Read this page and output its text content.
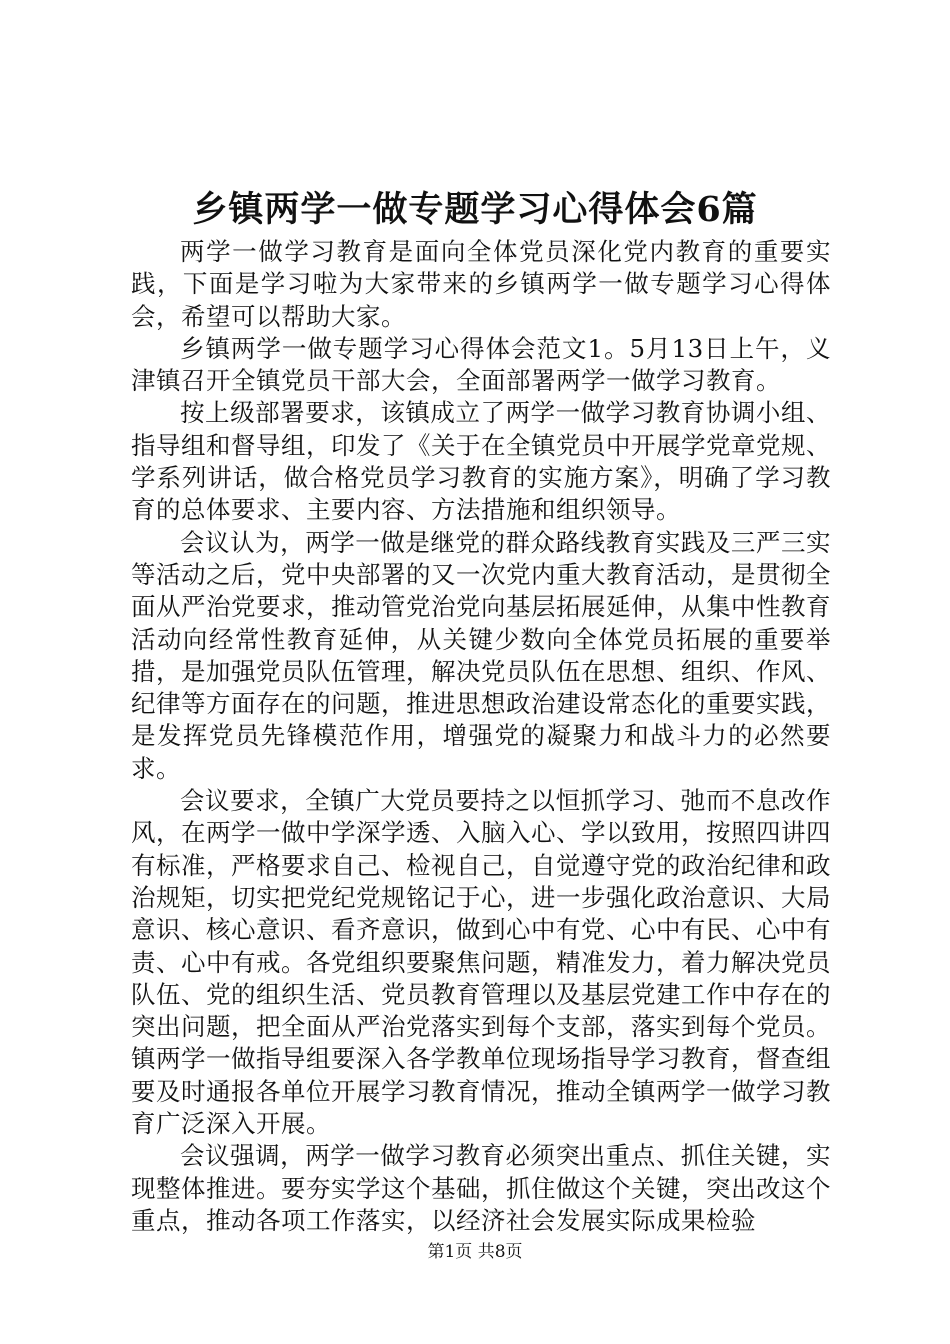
乡镇两学一做专题学习心得体会6篇

两学一做学习教育是面向全体党员深化党内教育的重要实践，下面是学习啦为大家带来的乡镇两学一做专题学习心得体会，希望可以帮助大家。

乡镇两学一做专题学习心得体会范文1。5月13日上午，义津镇召开全镇党员干部大会，全面部署两学一做学习教育。

按上级部署要求，该镇成立了两学一做学习教育协调小组、指导组和督导组，印发了《关于在全镇党员中开展学党章党规、学系列讲话，做合格党员学习教育的实施方案》，明确了学习教育的总体要求、主要内容、方法措施和组织领导。

会议认为，两学一做是继党的群众路线教育实践及三严三实等活动之后，党中央部署的又一次党内重大教育活动，是贯彻全面从严治党要求，推动管党治党向基层拓展延伸，从集中性教育活动向经常性教育延伸，从关键少数向全体党员拓展的重要举措，是加强党员队伍管理，解决党员队伍在思想、组织、作风、纪律等方面存在的问题，推进思想政治建设常态化的重要实践，是发挥党员先锋模范作用，增强党的凝聚力和战斗力的必然要求。

会议要求，全镇广大党员要持之以恒抓学习、弛而不息改作风，在两学一做中学深学透、入脑入心、学以致用，按照四讲四有标准，严格要求自己、检视自己，自觉遵守党的政治纪律和政治规矩，切实把党纪党规铭记于心，进一步强化政治意识、大局意识、核心意识、看齐意识，做到心中有党、心中有民、心中有责、心中有戒。各党组织要聚焦问题，精准发力，着力解决党员队伍、党的组织生活、党员教育管理以及基层党建工作中存在的突出问题，把全面从严治党落实到每个支部，落实到每个党员。镇两学一做指导组要深入各学教单位现场指导学习教育，督查组要及时通报各单位开展学习教育情况，推动全镇两学一做学习教育广泛深入开展。

会议强调，两学一做学习教育必须突出重点、抓住关键，实现整体推进。要夯实学这个基础，抓住做这个关键，突出改这个重点，推动各项工作落实，以经济社会发展实际成果检验

第1页 共8页
